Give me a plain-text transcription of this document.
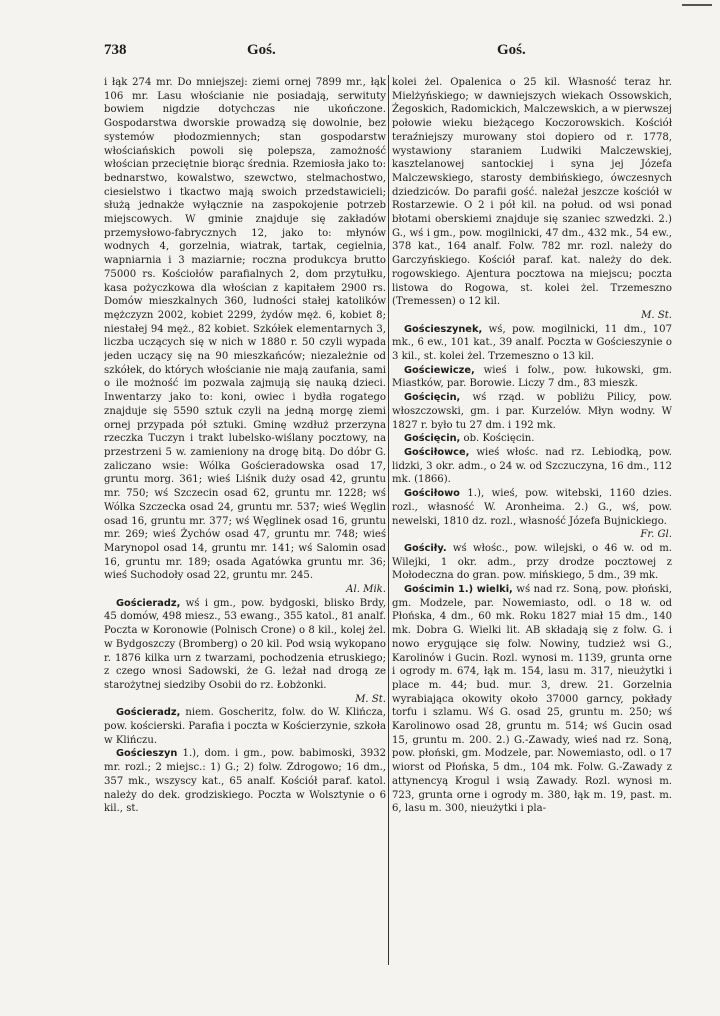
738	Goś.	Goś.

i łąk 274 mr. Do mniejszej: ziemi ornej 7899 mr., łąk 106 mr. Lasu włościanie nie posiadają, serwituty bowiem nigdzie dotychczas nie ukończone. Gospodarstwa dworskie prowadzą się dowolnie, bez systemów płodozmiennych; stan gospodarstw włościańskich powoli się polepsza, zamożność włościan przeciętnie biorąc średnia. Rzemiosła jako to: bednarstwo, kowalstwo, szewctwo, stelmachostwo, ciesielstwo i tkactwo mają swoich przedstawicieli; służą jednakże wyłącznie na zaspokojenie potrzeb miejscowych. W gminie znajduje się zakładów przemysłowo-fabrycznych 12, jako to: młynów wodnych 4, gorzelnia, wiatrak, tartak, cegielnia, wapniarnia i 3 maziarnie; roczna produkcya brutto 75000 rs. Kościołów parafialnych 2, dom przytułku, kasa pożyczkowa dla włościan z kapitałem 2900 rs. Domów mieszkalnych 360, ludności stałej katolików mężczyzn 2002, kobiet 2299, żydów męż. 6, kobiet 8; niestałej 94 męż., 82 kobiet. Szkółek elementarnych 3, liczba uczących się w nich w 1880 r. 50 czyli wypada jeden uczący się na 90 mieszkańców; niezależnie od szkółek, do których włościanie nie mają zaufania, sami o ile możność im pozwala zajmują się nauką dzieci. Inwentarzy jako to: koni, owiec i bydła rogatego znajduje się 5590 sztuk czyli na jedną morgę ziemi ornej przypada pół sztuki. Gminę wzdłuż przerzyna rzeczka Tuczyn i trakt lubelsko-wiślany pocztowy, na przestrzeni 5 w. zamieniony na drogę bitą. Do dóbr G. zaliczano wsie: Wólka Gościeradowska osad 17, gruntu morg. 361; wieś Liśnik duży osad 42, gruntu mr. 750; wś Szczecin osad 62, gruntu mr. 1228; wś Wólka Szczecka osad 24, gruntu mr. 537; wieś Węglin osad 16, gruntu mr. 377; wś Węglinek osad 16, gruntu mr. 269; wieś Żychów osad 47, gruntu mr. 748; wieś Marynopol osad 14, gruntu mr. 141; wś Salomin osad 16, gruntu mr. 189; osada Agatówka gruntu mr. 36; wieś Suchodoły osad 22, gruntu mr. 245.

Al. Mik.

Gościeradz, wś i gm., pow. bydgoski, blisko Brdy, 45 domów, 498 miesz., 53 ewang., 355 katol., 81 analf. Poczta w Koronowie (Polnisch Crone) o 8 kil., kolej żel. w Bydgoszczy (Bromberg) o 20 kil. Pod wsią wykopano r. 1876 kilka urn z twarzami, pochodzenia etruskiego; z czego wnosi Sadowski, że G. leżał nad drogą ze starożytnej siedziby Osobii do rz. Łobżonki.

M. St.

Gościeradz, niem. Goscheritz, folw. do W. Klińcza, pow. kościerski. Parafia i poczta w Kościerzynie, szkoła w Klińczu.

Gościeszyn 1.), dom. i gm., pow. babimoski, 3932 mr. rozl.; 2 miejsc.: 1) G.; 2) folw. Zdrogowo; 16 dm., 357 mk., wszyscy kat., 65 analf. Kościół paraf. katol. należy do dek. grodziskiego. Poczta w Wolsztynie o 6 kil., st.

kolei żel. Opalenica o 25 kil. Własność teraz hr. Mielżyńskiego; w dawniejszych wiekach Ossowskich, Żegoskich, Radomickich, Malczewskich, a w pierwszej połowie wieku bieżącego Koczorowskich. Kościół teraźniejszy murowany stoi dopiero od r. 1778, wystawiony staraniem Ludwiki Malczewskiej, kasztelanowej santockiej i syna jej Józefa Malczewskiego, starosty dembińskiego, ówczesnych dziedziców. Do parafii gość. należał jeszcze kościół w Rostarzewie. O 2 i pół kil. na połud. od wsi ponad błotami oberskiemi znajduje się szaniec szwedzki. 2.) G., wś i gm., pow. mogilnicki, 47 dm., 432 mk., 54 ew., 378 kat., 164 analf. Folw. 782 mr. rozl. należy do Garczyńskiego. Kościół paraf. kat. należy do dek. rogowskiego. Ajentura pocztowa na miejscu; poczta listowa do Rogowa, st. kolei żel. Trzemeszno (Tremessen) o 12 kil.

M. St.

Gościeszynek, wś, pow. mogilnicki, 11 dm., 107 mk., 6 ew., 101 kat., 39 analf. Poczta w Gościeszynie o 3 kil., st. kolei żel. Trzemeszno o 13 kil.

Gościewicze, wieś i folw., pow. łukowski, gm. Miastków, par. Borowie. Liczy 7 dm., 83 mieszk.

Gościęcin, wś rząd. w pobliżu Pilicy, pow. włoszczowski, gm. i par. Kurzelów. Młyn wodny. W 1827 r. było tu 27 dm. i 192 mk.

Gościęcin, ob. Kościęcin.

Gościłowce, wieś włośc. nad rz. Lebiodką, pow. lidzki, 3 okr. adm., o 24 w. od Szczuczyna, 16 dm., 112 mk. (1866).

Gościłowo 1.), wieś, pow. witebski, 1160 dzies. rozl., własność W. Aronheima. 2.) G., wś, pow. newelski, 1810 dz. rozl., własność Józefa Bujnickiego.

Fr. Gl.

Gościły. wś włośc., pow. wilejski, o 46 w. od m. Wilejki, 1 okr. adm., przy drodze pocztowej z Mołodeczna do gran. pow. mińskiego, 5 dm., 39 mk.

Gościmin 1.) wielki, wś nad rz. Soną, pow. płoński, gm. Modzele, par. Nowemiasto, odl. o 18 w. od Płońska, 4 dm., 60 mk. Roku 1827 miał 15 dm., 140 mk. Dobra G. Wielki lit. AB składają się z folw. G. i nowo erygujące się folw. Nowiny, tudzież wsi G., Karolinów i Gucin. Rozl. wynosi m. 1139, grunta orne i ogrody m. 674, łąk m. 154, lasu m. 317, nieużytki i place m. 44; bud. mur. 3, drew. 21. Gorzelnia wyrabiająca okowity około 37000 garncy, pokłady torfu i szlamu. Wś G. osad 25, gruntu m. 250; wś Karolinowo osad 28, gruntu m. 514; wś Gucin osad 15, gruntu m. 200. 2.) G.-Zawady, wieś nad rz. Soną, pow. płoński, gm. Modzele, par. Nowemiasto, odl. o 17 wiorst od Płońska, 5 dm., 104 mk. Folw. G.-Zawady z attynencyą Krogul i wsią Zawady. Rozl. wynosi m. 723, grunta orne i ogrody m. 380, łąk m. 19, past. m. 6, lasu m. 300, nieużytki i pla-
